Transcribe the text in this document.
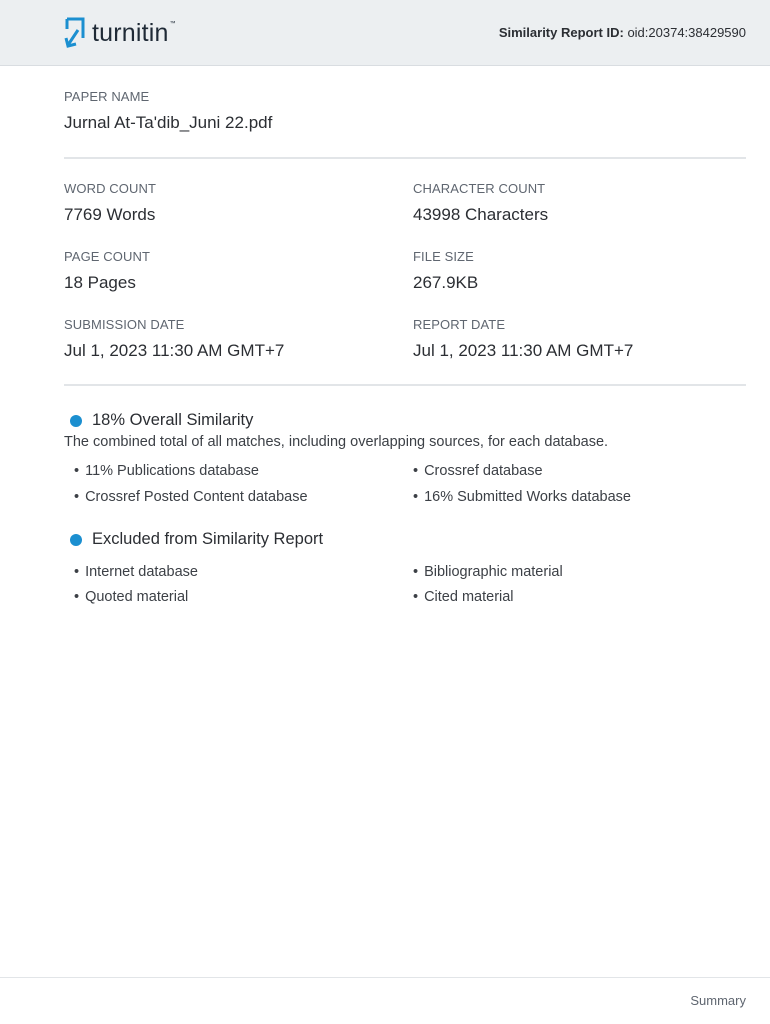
turnitin ™
Similarity Report ID: oid:20374:38429590
PAPER NAME
Jurnal At-Ta'dib_Juni 22.pdf
WORD COUNT
7769 Words
CHARACTER COUNT
43998 Characters
PAGE COUNT
18 Pages
FILE SIZE
267.9KB
SUBMISSION DATE
Jul 1, 2023 11:30 AM GMT+7
REPORT DATE
Jul 1, 2023 11:30 AM GMT+7
18% Overall Similarity
The combined total of all matches, including overlapping sources, for each database.
• 11% Publications database	• Crossref database
• Crossref Posted Content database	• 16% Submitted Works database
Excluded from Similarity Report
• Internet database	• Bibliographic material
• Quoted material	• Cited material
Summary
